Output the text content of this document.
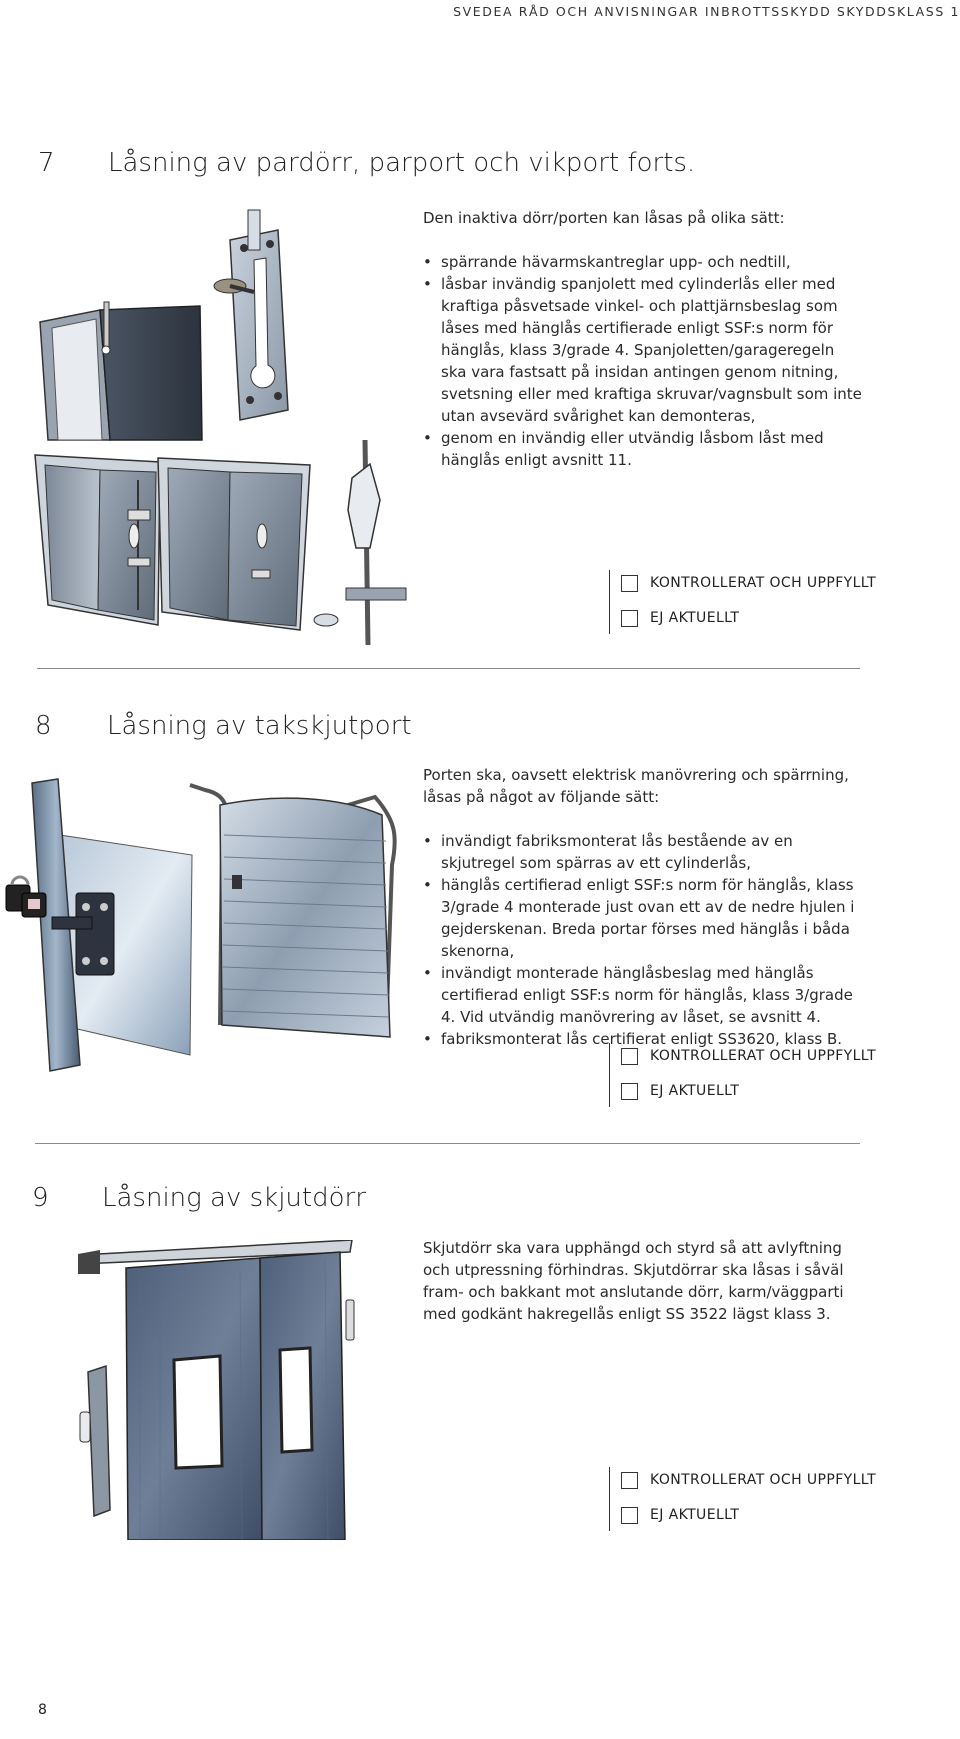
SVEDEA RÅD OCH ANVISNINGAR INBROTTSSKYDD SKYDDSKLASS 1
7 Låsning av pardörr, parport och vikport forts.
Den inaktiva dörr/porten kan låsas på olika sätt:
• spärrande hävarmskantreglar upp- och nedtill,
• låsbar invändig spanjolett med cylinderlås eller med kraftiga påsvetsade vinkel- och plattjärnsbeslag som låses med hänglås certifierade enligt SSF:s norm för hänglås, klass 3/grade 4. Spanjoletten/garageregeln ska vara fastsatt på insidan antingen genom nitning, svetsning eller med kraftiga skruvar/vagnsbult som inte utan avsevärd svårighet kan demonteras,
• genom en invändig eller utvändig låsbom låst med hänglås enligt avsnitt 11.
KONTROLLERAT OCH UPPFYLLT
EJ AKTUELLT
8 Låsning av takskjutport
Porten ska, oavsett elektrisk manövrering och spärrning, låsas på något av följande sätt:
• invändigt fabriksmonterat lås bestående av en skjutregel som spärras av ett cylinderlås,
• hänglås certifierad enligt SSF:s norm för hänglås, klass 3/grade 4 monterade just ovan ett av de nedre hjulen i gejderskenan. Breda portar förses med hänglås i båda skenorna,
• invändigt monterade hänglåsbeslag med hänglås certifierad enligt SSF:s norm för hänglås, klass 3/grade 4. Vid utvändig manövrering av låset, se avsnitt 4.
• fabriksmonterat lås certifierat enligt SS3620, klass B.
KONTROLLERAT OCH UPPFYLLT
EJ AKTUELLT
9 Låsning av skjutdörr
Skjutdörr ska vara upphängd och styrd så att avlyftning och utpressning förhindras. Skjutdörrar ska låsas i såväl fram- och bakkant mot anslutande dörr, karm/väggparti med godkänt hakregellås enligt SS 3522 lägst klass 3.
KONTROLLERAT OCH UPPFYLLT
EJ AKTUELLT
8
